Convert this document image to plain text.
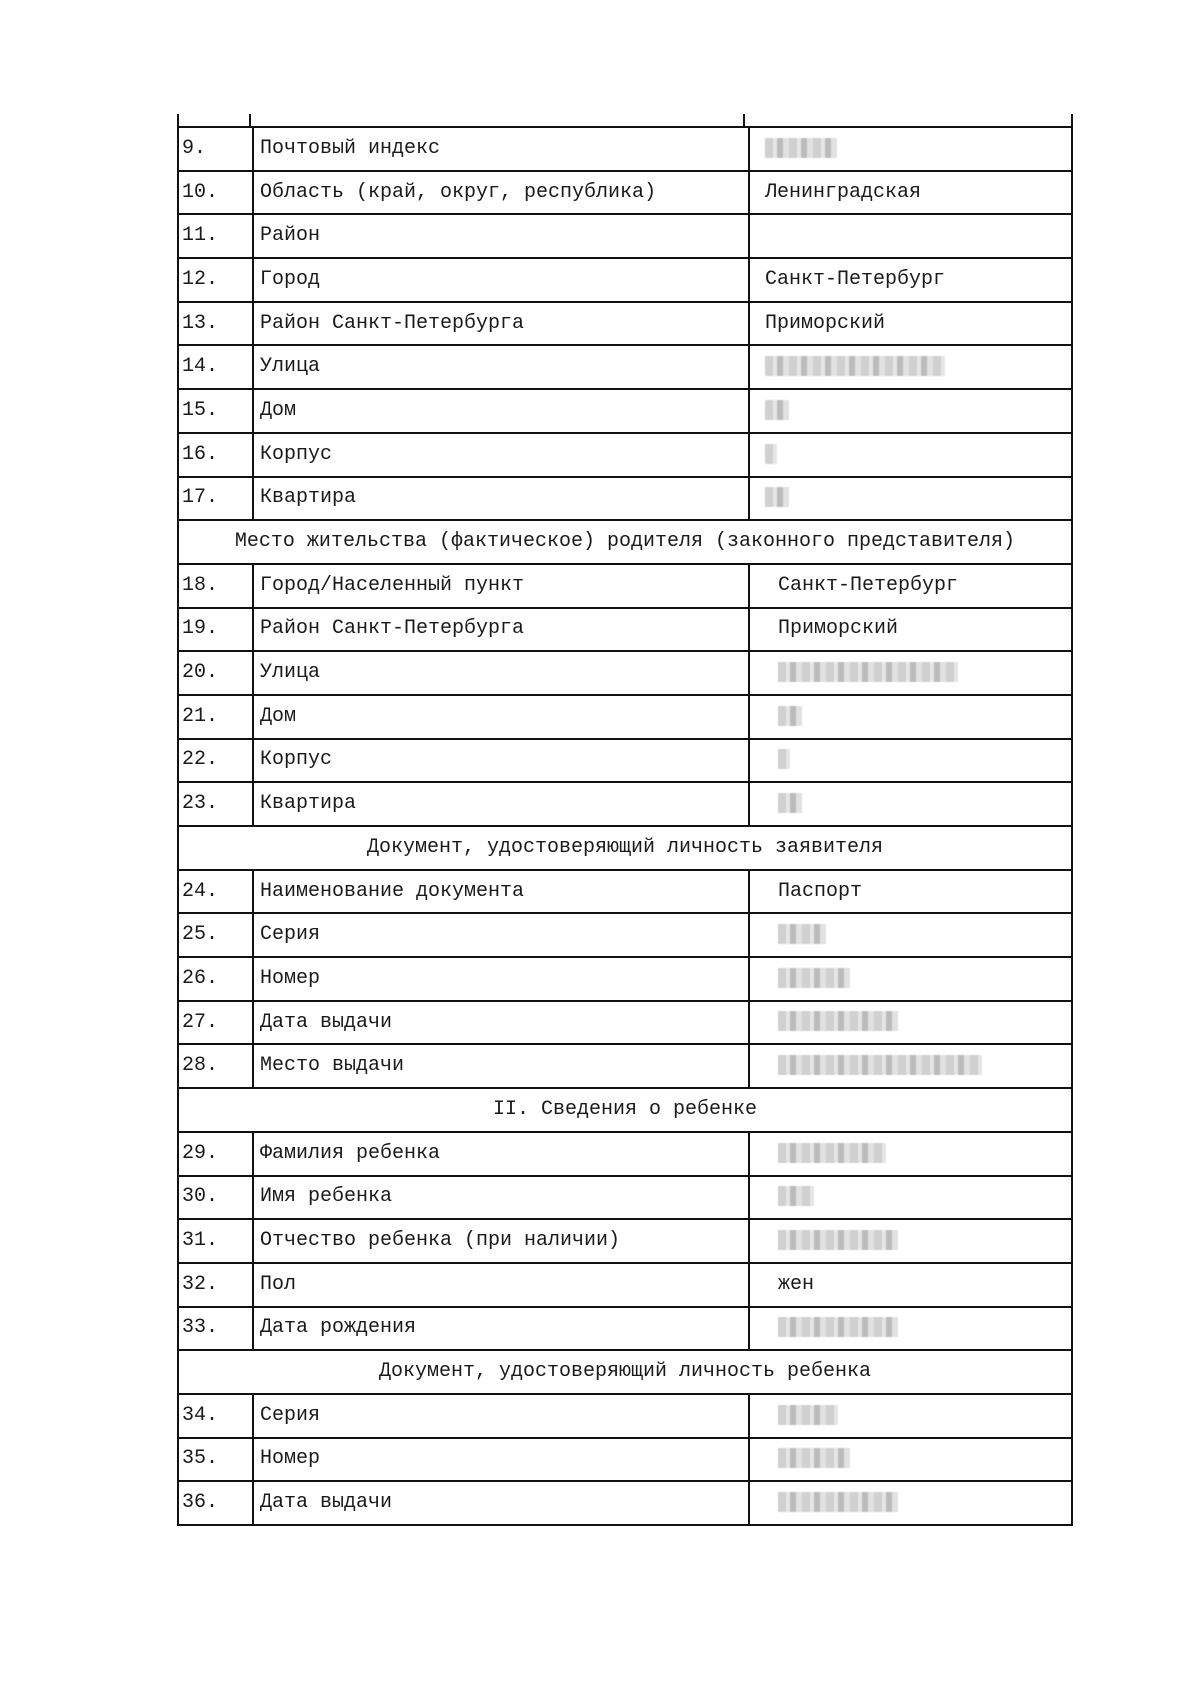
9.	Почтовый индекс	
10.	Область (край, округ, республика)	Ленинградская
11.	Район	
12.	Город	Санкт-Петербург
13.	Район Санкт-Петербурга	Приморский
14.	Улица	
15.	Дом	
16.	Корпус	
17.	Квартира	
Место жительства (фактическое) родителя (законного представителя)		
18.	Город/Населенный пункт	Санкт-Петербург
19.	Район Санкт-Петербурга	Приморский
20.	Улица	
21.	Дом	
22.	Корпус	
23.	Квартира	
Документ, удостоверяющий личность заявителя		
24.	Наименование документа	Паспорт
25.	Серия	
26.	Номер	
27.	Дата выдачи	
28.	Место выдачи	
II. Сведения о ребенке		
29.	Фамилия ребенка	
30.	Имя ребенка	
31.	Отчество ребенка (при наличии)	
32.	Пол	жен
33.	Дата рождения	
Документ, удостоверяющий личность ребенка		
34.	Серия	
35.	Номер	
36.	Дата выдачи	
